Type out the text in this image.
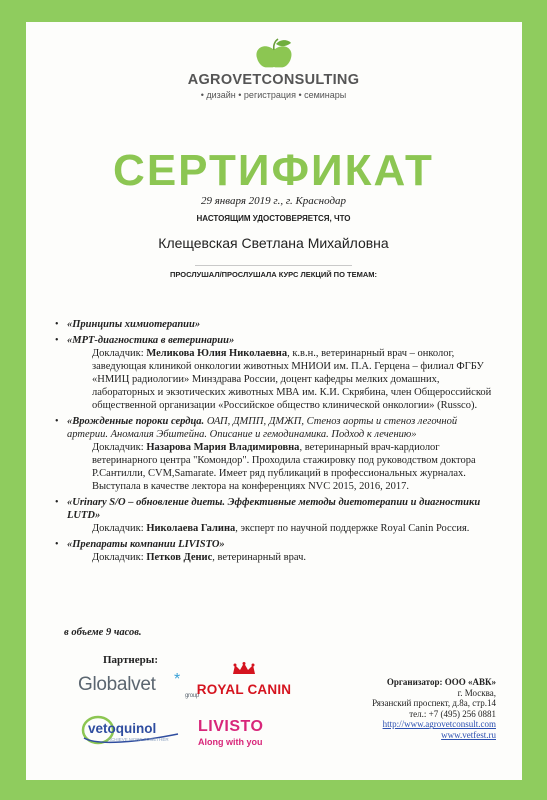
AGROVETCONSULTING
• дизайн • регистрация • семинары
СЕРТИФИКАТ
29 января 2019 г., г. Краснодар
НАСТОЯЩИМ УДОСТОВЕРЯЕТСЯ, ЧТО
Клещевская Светлана Михайловна
ПРОСЛУШАЛ/ПРОСЛУШАЛА КУРС ЛЕКЦИЙ ПО ТЕМАМ:
• «Принципы химиотерапии»
• «МРТ-диагностика в ветеринарии»
Докладчик: Меликова Юлия Николаевна, к.в.н., ветеринарный врач – онколог, заведующая клиникой онкологии животных МНИОИ им. П.А. Герцена – филиал ФГБУ «НМИЦ радиологии» Минздрава России, доцент кафедры мелких домашних, лабораторных и экзотических животных МВА им. К.И. Скрябина, член Общероссийской общественной организации «Российское общество клинической онкологии» (Russco).
• «Врожденные пороки сердца. ОАП, ДМПП, ДМЖП, Стеноз аорты и стеноз легочной артерии. Аномалия Эбштейна. Описание и гемодинамика. Подход к лечению»
Докладчик: Назарова Мария Владимировна, ветеринарный врач-кардиолог ветеринарного центра "Комондор". Проходила стажировку под руководством доктора Р.Сантилли, CVM,Samarate. Имеет ряд публикаций в профессиональных журналах. Выступала в качестве лектора на конференциях NVC 2015, 2016, 2017.
• «Urinary S/O – обновление диеты. Эффективные методы диетотерапии и диагностики LUTD»
Докладчик: Николаева Галина, эксперт по научной поддержке Royal Canin Россия.
• «Препараты компании LIVISTO»
Докладчик: Петков Денис, ветеринарный врач.
в объеме 9 часов.
Партнеры:
Globalvet *
group
ROYAL CANIN
vetoquinol
ACHIEVE MORE TOGETHER
LIVISTO
Along with you
Организатор: ООО «АВК»
г. Москва,
Рязанский проспект, д.8а, стр.14
тел.: +7 (495) 256 0881
http://www.agrovetconsult.com
www.vetfest.ru
